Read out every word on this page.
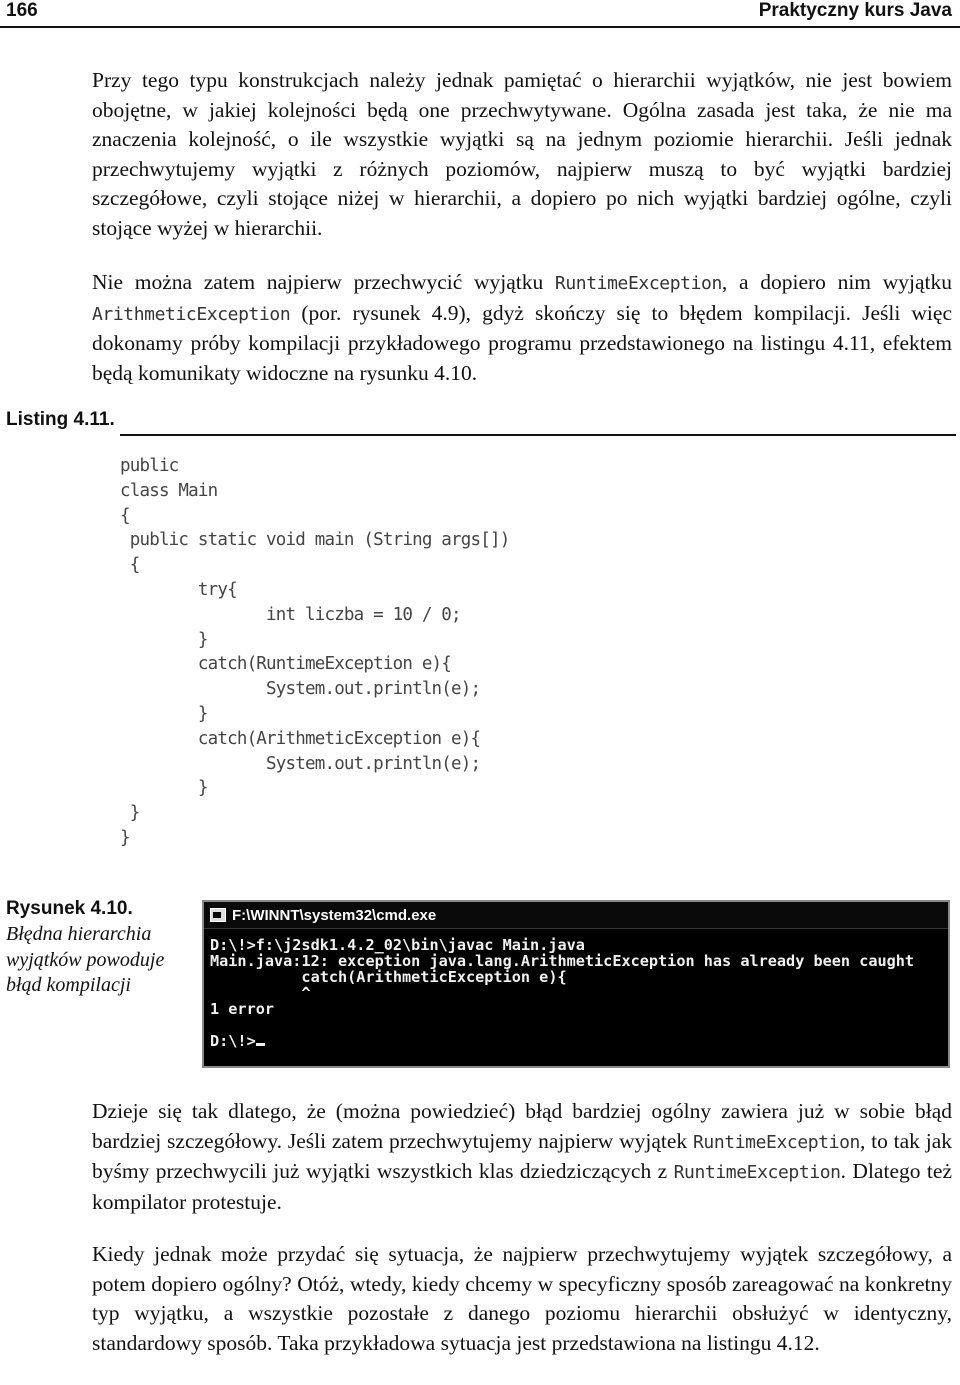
166	Praktyczny kurs Java

Przy tego typu konstrukcjach należy jednak pamiętać o hierarchii wyjątków, nie jest bowiem obojętne, w jakiej kolejności będą one przechwytywane. Ogólna zasada jest taka, że nie ma znaczenia kolejność, o ile wszystkie wyjątki są na jednym poziomie hierarchii. Jeśli jednak przechwytujemy wyjątki z różnych poziomów, najpierw muszą to być wyjątki bardziej szczegółowe, czyli stojące niżej w hierarchii, a dopiero po nich wyjątki bardziej ogólne, czyli stojące wyżej w hierarchii.

Nie można zatem najpierw przechwycić wyjątku RuntimeException, a dopiero nim wyjątku ArithmeticException (por. rysunek 4.9), gdyż skończy się to błędem kompilacji. Jeśli więc dokonamy próby kompilacji przykładowego programu przedstawionego na listingu 4.11, efektem będą komunikaty widoczne na rysunku 4.10.

Listing 4.11.
public
class Main
{
public static void main (String args[])
{
try{
int liczba = 10 / 0;
}
catch(RuntimeException e){
System.out.println(e);
}
catch(ArithmeticException e){
System.out.println(e);
}
}
}
Rysunek 4.10.
Błędna hierarchia wyjątków powoduje błąd kompilacji
F:\WINNT\system32\cmd.exe
D:\!>f:\j2sdk1.4.2_02\bin\javac Main.java
Main.java:12: exception java.lang.ArithmeticException has already been caught
catch(ArithmeticException e){
^
1 error

D:\!>

Dzieje się tak dlatego, że (można powiedzieć) błąd bardziej ogólny zawiera już w sobie błąd bardziej szczegółowy. Jeśli zatem przechwytujemy najpierw wyjątek RuntimeException, to tak jak byśmy przechwycili już wyjątki wszystkich klas dziedziczących z RuntimeException. Dlatego też kompilator protestuje.

Kiedy jednak może przydać się sytuacja, że najpierw przechwytujemy wyjątek szczegółowy, a potem dopiero ogólny? Otóż, wtedy, kiedy chcemy w specyficzny sposób zareagować na konkretny typ wyjątku, a wszystkie pozostałe z danego poziomu hierarchii obsłużyć w identyczny, standardowy sposób. Taka przykładowa sytuacja jest przedstawiona na listingu 4.12.
